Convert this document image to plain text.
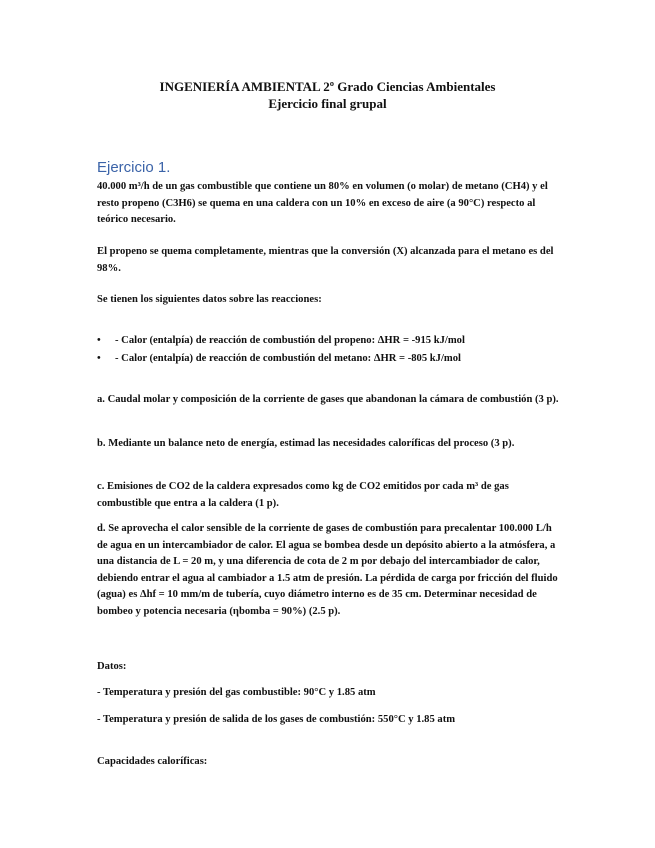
INGENIERÍA AMBIENTAL 2º Grado Ciencias Ambientales
Ejercicio final grupal
Ejercicio 1.

40.000 m³/h de un gas combustible que contiene un 80% en volumen (o molar) de metano (CH4) y el resto propeno (C3H6) se quema en una caldera con un 10% en exceso de aire (a 90°C) respecto al teórico necesario.

El propeno se quema completamente, mientras que la conversión (X) alcanzada para el metano es del 98%.

Se tienen los siguientes datos sobre las reacciones:

• - Calor (entalpía) de reacción de combustión del propeno: ΔHR = -915 kJ/mol
• - Calor (entalpía) de reacción de combustión del metano: ΔHR = -805 kJ/mol

a. Caudal molar y composición de la corriente de gases que abandonan la cámara de combustión (3 p).

b. Mediante un balance neto de energía, estimad las necesidades caloríficas del proceso (3 p).

c. Emisiones de CO2 de la caldera expresados como kg de CO2 emitidos por cada m³ de gas combustible que entra a la caldera (1 p).

d. Se aprovecha el calor sensible de la corriente de gases de combustión para precalentar 100.000 L/h de agua en un intercambiador de calor. El agua se bombea desde un depósito abierto a la atmósfera, a una distancia de L = 20 m, y una diferencia de cota de 2 m por debajo del intercambiador de calor, debiendo entrar el agua al cambiador a 1.5 atm de presión. La pérdida de carga por fricción del fluido (agua) es Δhf = 10 mm/m de tubería, cuyo diámetro interno es de 35 cm. Determinar necesidad de bombeo y potencia necesaria (ηbomba = 90%) (2.5 p).

Datos:

- Temperatura y presión del gas combustible: 90°C y 1.85 atm

- Temperatura y presión de salida de los gases de combustión: 550°C y 1.85 atm

Capacidades caloríficas:
